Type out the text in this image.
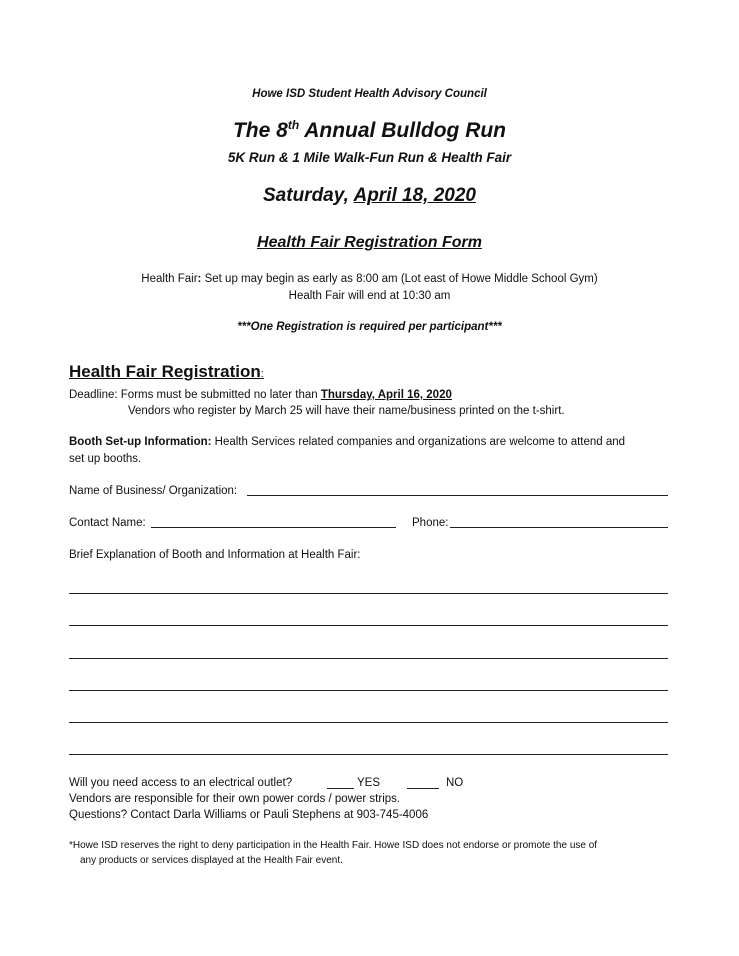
Howe ISD Student Health Advisory Council
The 8th Annual Bulldog Run
5K Run & 1 Mile Walk-Fun Run & Health Fair
Saturday, April 18, 2020
Health Fair Registration Form
Health Fair: Set up may begin as early as 8:00 am (Lot east of Howe Middle School Gym)
Health Fair will end at 10:30 am
***One Registration is required per participant***
Health Fair Registration:
Deadline: Forms must be submitted no later than Thursday, April 16, 2020
Vendors who register by March 25 will have their name/business printed on the t-shirt.
Booth Set-up Information: Health Services related companies and organizations are welcome to attend and
set up booths.
Name of Business/ Organization:
Contact Name:	Phone:
Brief Explanation of Booth and Information at Health Fair:
Will you need access to an electrical outlet?	YES	NO
Vendors are responsible for their own power cords / power strips.
Questions? Contact Darla Williams or Pauli Stephens at 903-745-4006
*Howe ISD reserves the right to deny participation in the Health Fair. Howe ISD does not endorse or promote the use of
any products or services displayed at the Health Fair event.
